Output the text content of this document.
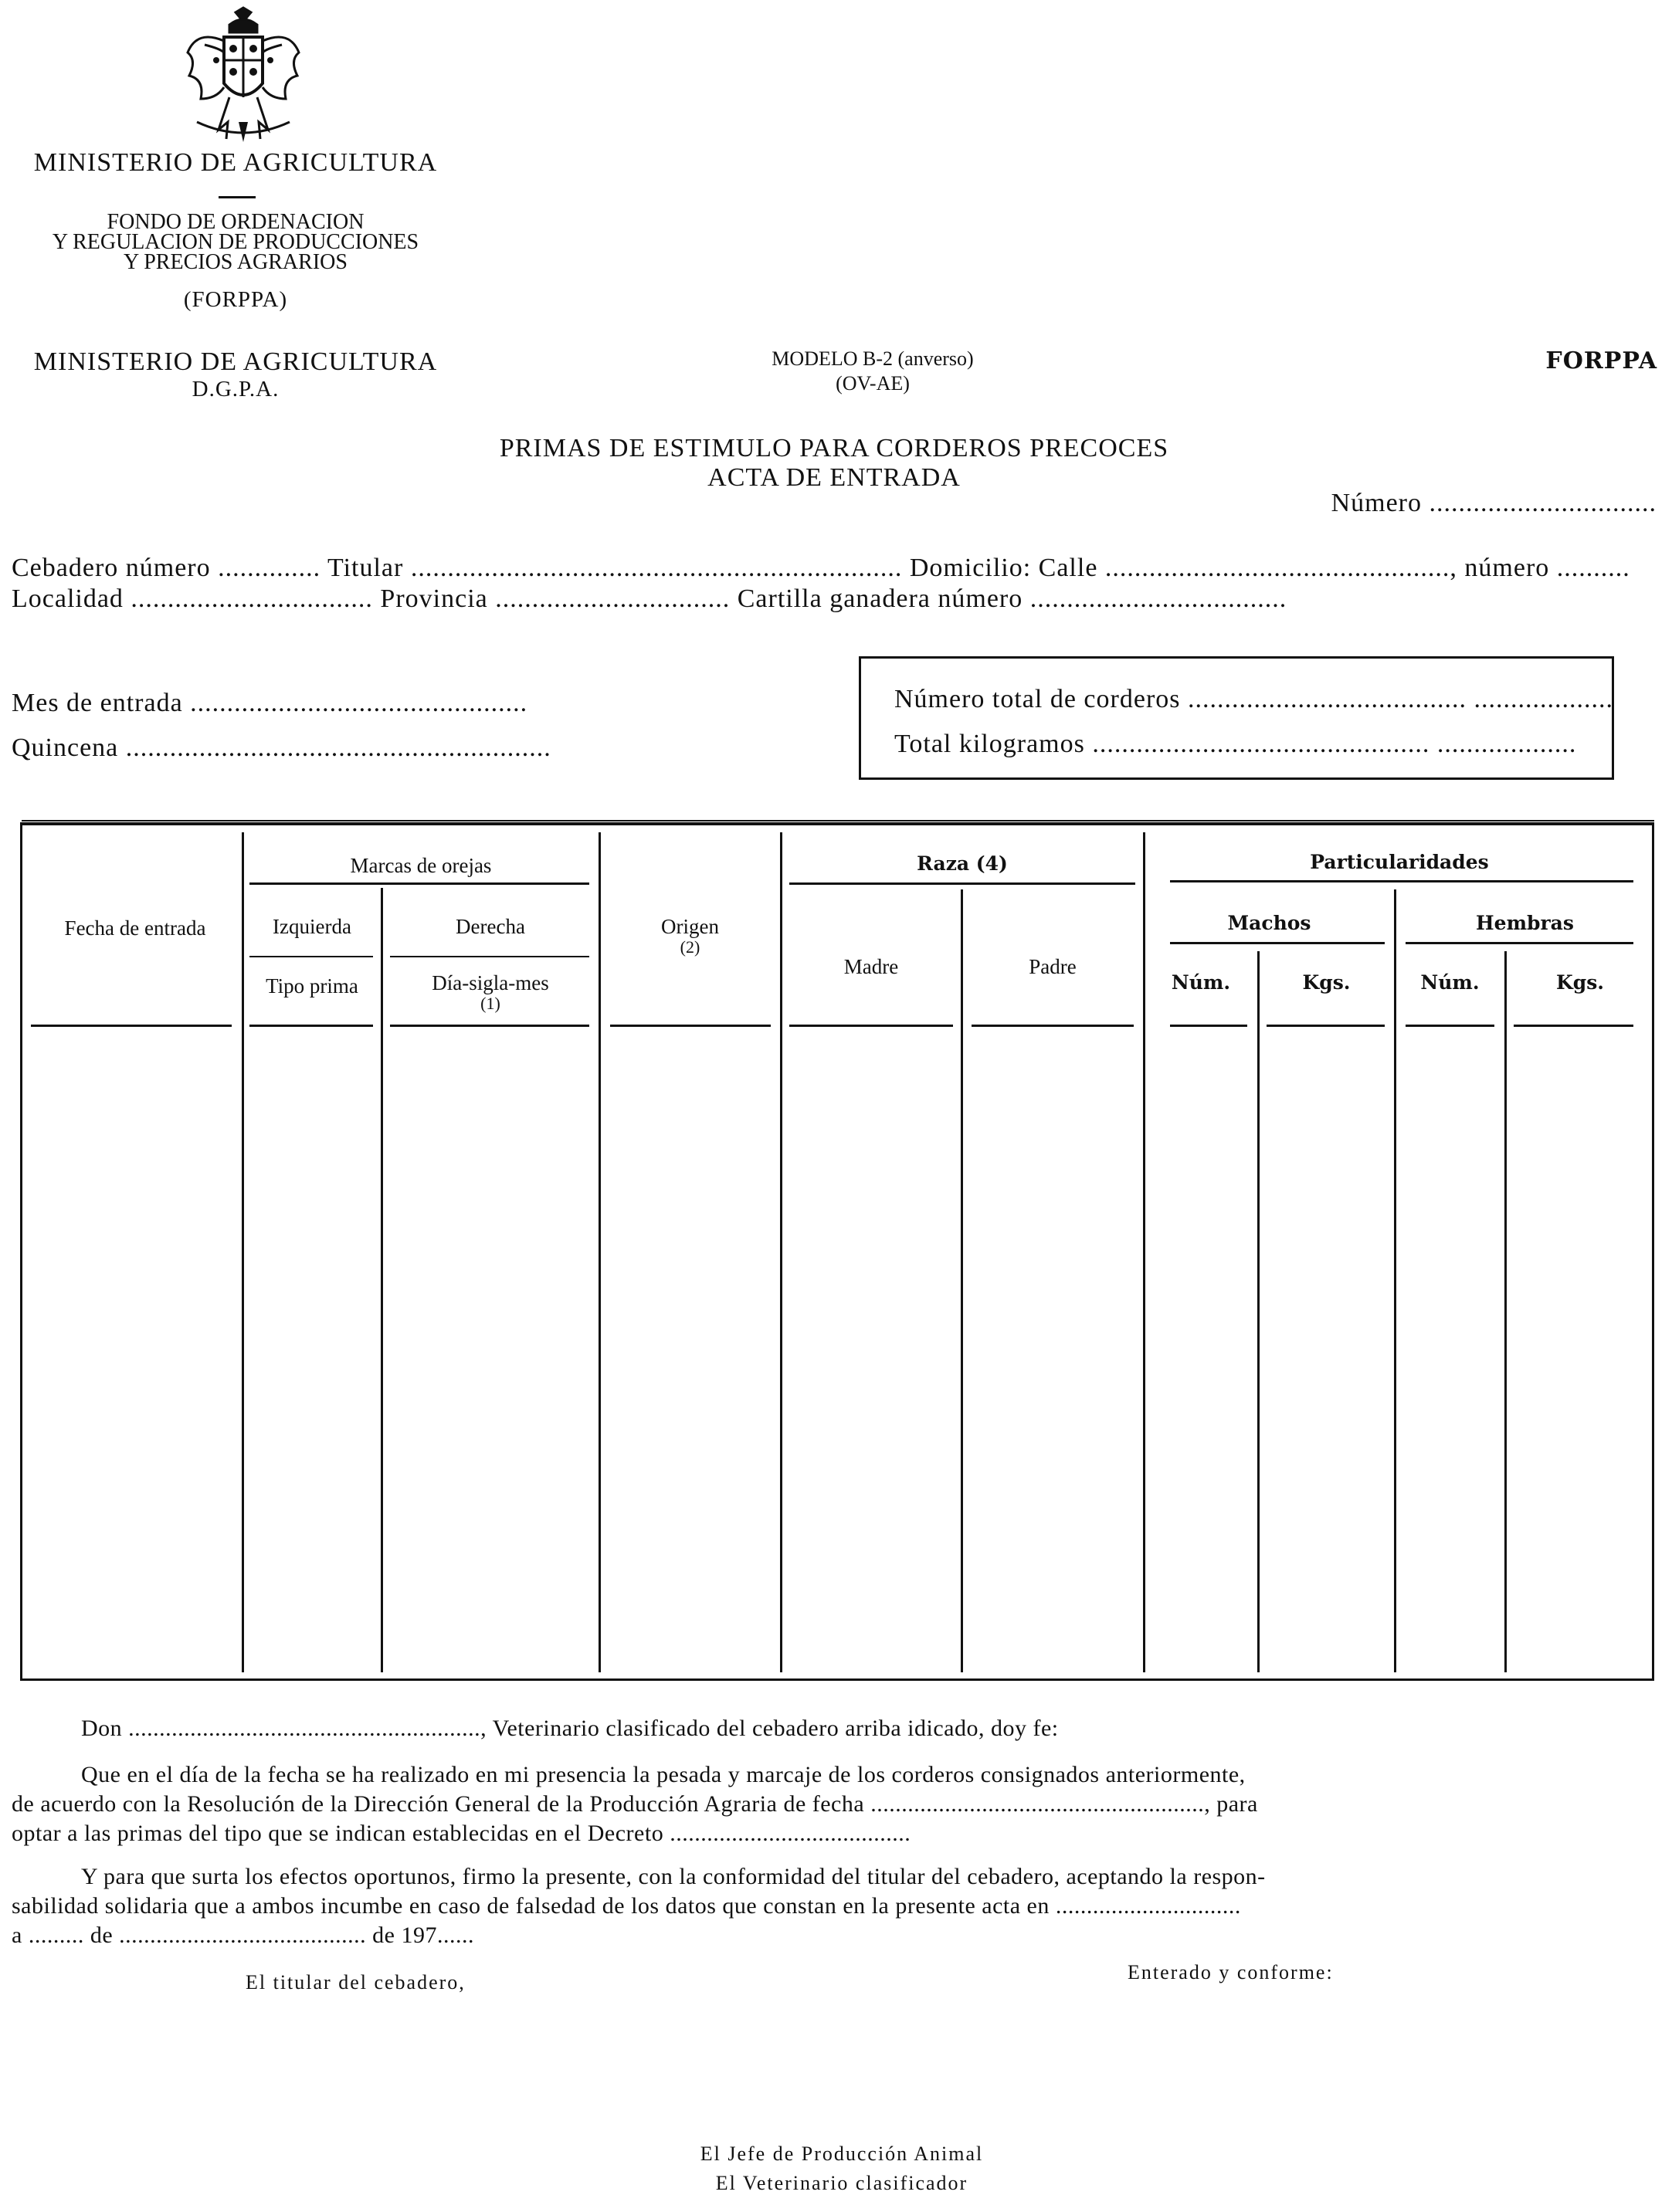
MINISTERIO DE AGRICULTURA
FONDO DE ORDENACION
Y REGULACION DE PRODUCCIONES
Y PRECIOS AGRARIOS
(FORPPA)
MINISTERIO DE AGRICULTURA
D.G.P.A.
MODELO B-2 (anverso)
(OV-AE)
FORPPA
PRIMAS DE ESTIMULO PARA CORDEROS PRECOCES
ACTA DE ENTRADA
Número ...............................
Cebadero número .............. Titular ................................................................... Domicilio: Calle ..............................................., número ..........
Localidad ................................. Provincia ................................ Cartilla ganadera número ...................................
Mes de entrada ..............................................
Quincena ..........................................................
Número total de corderos ...................................... ...................
Total kilogramos .............................................. ...................
Fecha de entrada
Marcas de orejas
Izquierda	Derecha
Tipo prima	Día-sigla-mes
(1)
Origen
(2)
Raza (4)
Madre	Padre
Particularidades
Machos	Hembras
Núm.	Kgs.	Núm.	Kgs.
Don ........................................................., Veterinario clasificado del cebadero arriba idicado, doy fe:
Que en el día de la fecha se ha realizado en mi presencia la pesada y marcaje de los corderos consignados anteriormente,
de acuerdo con la Resolución de la Dirección General de la Producción Agraria de fecha ......................................................, para
optar a las primas del tipo que se indican establecidas en el Decreto .......................................
Y para que surta los efectos oportunos, firmo la presente, con la conformidad del titular del cebadero, aceptando la respon-
sabilidad solidaria que a ambos incumbe en caso de falsedad de los datos que constan en la presente acta en ..............................
a ......... de ........................................ de 197......
El titular del cebadero,	Enterado y conforme:
El Jefe de Producción Animal
El Veterinario clasificador
